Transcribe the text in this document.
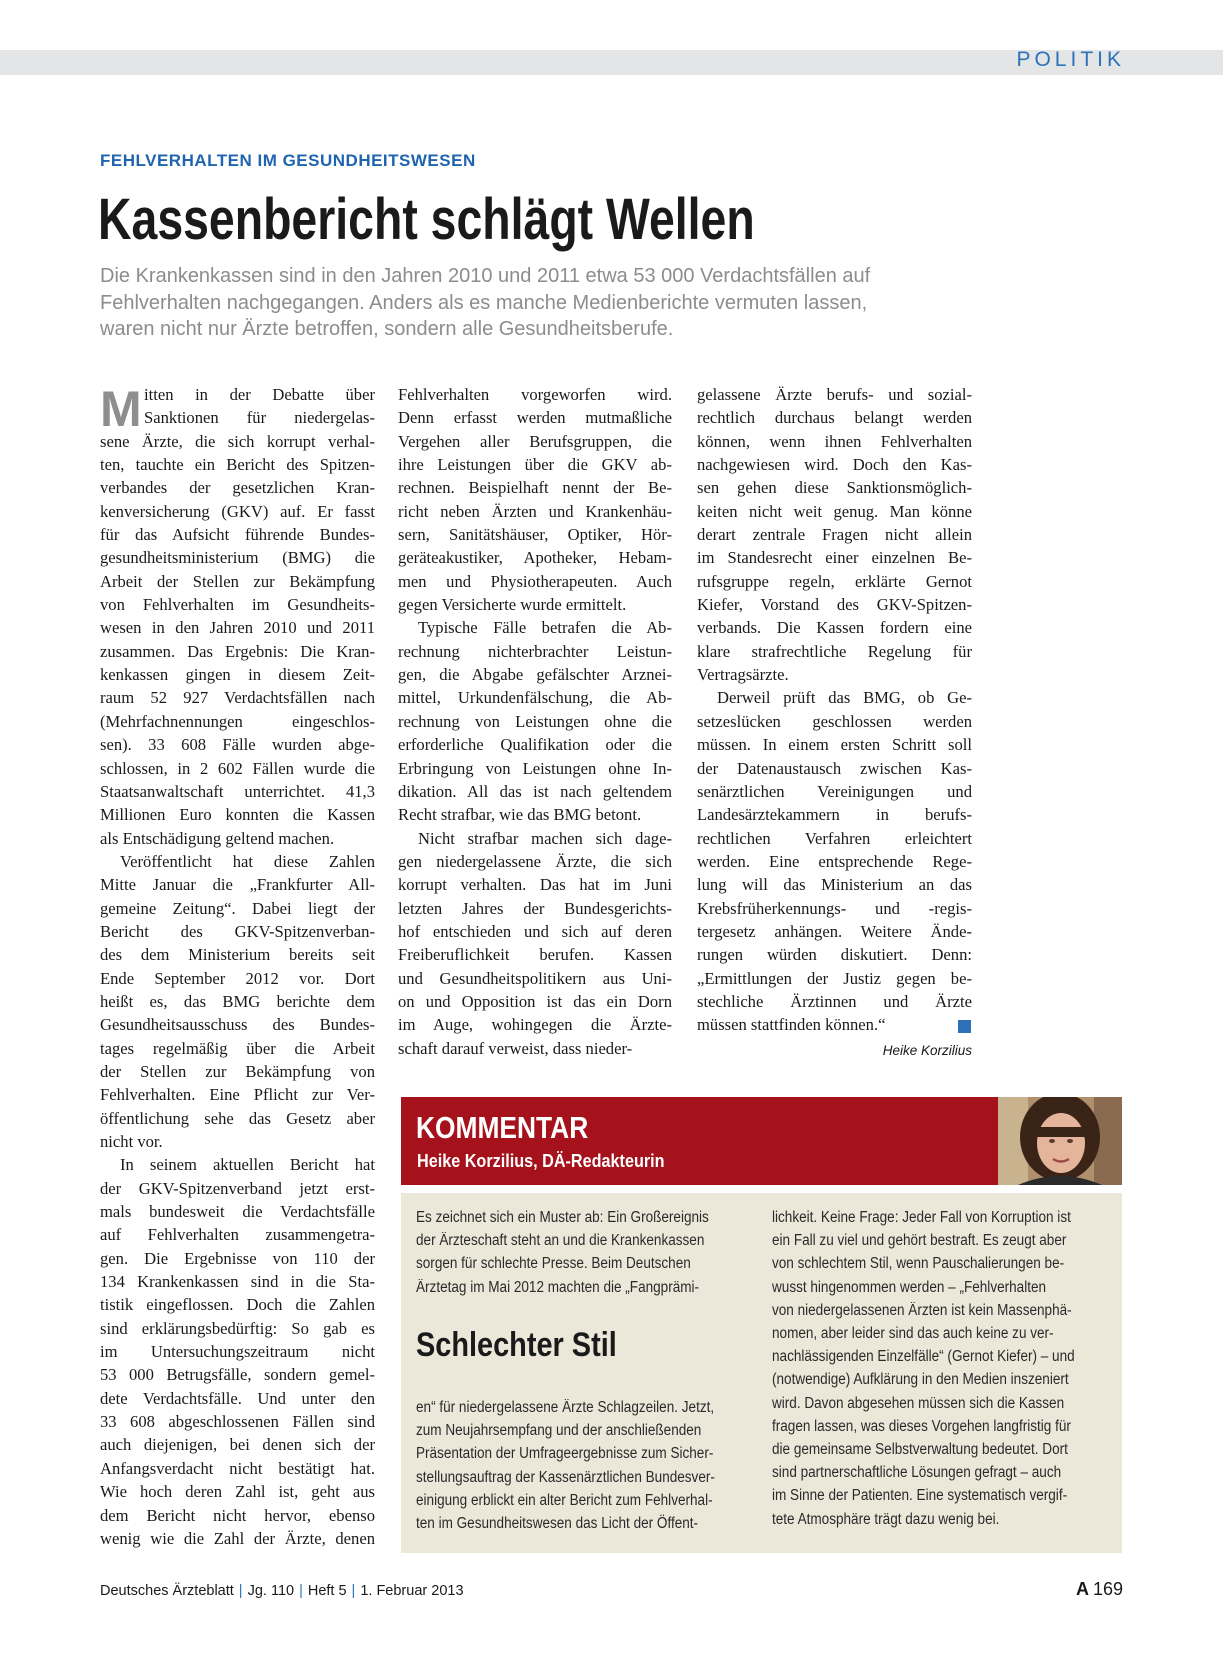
POLITIK
FEHLVERHALTEN IM GESUNDHEITSWESEN
Kassenbericht schlägt Wellen
Die Krankenkassen sind in den Jahren 2010 und 2011 etwa 53 000 Verdachtsfällen auf
Fehlverhalten nachgegangen. Anders als es manche Medienberichte vermuten lassen,
waren nicht nur Ärzte betroffen, sondern alle Gesundheitsberufe.
M itten in der Debatte über
Sanktionen für niedergelas-
sene Ärzte, die sich korrupt verhal-
ten, tauchte ein Bericht des Spitzen-
verbandes der gesetzlichen Kran-
kenversicherung (GKV) auf. Er fasst
für das Aufsicht führende Bundes-
gesundheitsministerium (BMG) die
Arbeit der Stellen zur Bekämpfung
von Fehlverhalten im Gesundheits-
wesen in den Jahren 2010 und 2011
zusammen. Das Ergebnis: Die Kran-
kenkassen gingen in diesem Zeit-
raum 52 927 Verdachtsfällen nach
(Mehrfachnennungen eingeschlos-
sen). 33 608 Fälle wurden abge-
schlossen, in 2 602 Fällen wurde die
Staatsanwaltschaft unterrichtet. 41,3
Millionen Euro konnten die Kassen
als Entschädigung geltend machen.
Veröffentlicht hat diese Zahlen
Mitte Januar die „Frankfurter All-
gemeine Zeitung“. Dabei liegt der
Bericht des GKV-Spitzenverban-
des dem Ministerium bereits seit
Ende September 2012 vor. Dort
heißt es, das BMG berichte dem
Gesundheitsausschuss des Bundes-
tages regelmäßig über die Arbeit
der Stellen zur Bekämpfung von
Fehlverhalten. Eine Pflicht zur Ver-
öffentlichung sehe das Gesetz aber
nicht vor.
In seinem aktuellen Bericht hat
der GKV-Spitzenverband jetzt erst-
mals bundesweit die Verdachtsfälle
auf Fehlverhalten zusammengetra-
gen. Die Ergebnisse von 110 der
134 Krankenkassen sind in die Sta-
tistik eingeflossen. Doch die Zahlen
sind erklärungsbedürftig: So gab es
im Untersuchungszeitraum nicht
53 000 Betrugsfälle, sondern gemel-
dete Verdachtsfälle. Und unter den
33 608 abgeschlossenen Fällen sind
auch diejenigen, bei denen sich der
Anfangsverdacht nicht bestätigt hat.
Wie hoch deren Zahl ist, geht aus
dem Bericht nicht hervor, ebenso
wenig wie die Zahl der Ärzte, denen
Fehlverhalten vorgeworfen wird.
Denn erfasst werden mutmaßliche
Vergehen aller Berufsgruppen, die
ihre Leistungen über die GKV ab-
rechnen. Beispielhaft nennt der Be-
richt neben Ärzten und Krankenhäu-
sern, Sanitätshäuser, Optiker, Hör-
geräteakustiker, Apotheker, Hebam-
men und Physiotherapeuten. Auch
gegen Versicherte wurde ermittelt.
Typische Fälle betrafen die Ab-
rechnung nichterbrachter Leistun-
gen, die Abgabe gefälschter Arznei-
mittel, Urkundenfälschung, die Ab-
rechnung von Leistungen ohne die
erforderliche Qualifikation oder die
Erbringung von Leistungen ohne In-
dikation. All das ist nach geltendem
Recht strafbar, wie das BMG betont.
Nicht strafbar machen sich dage-
gen niedergelassene Ärzte, die sich
korrupt verhalten. Das hat im Juni
letzten Jahres der Bundesgerichts-
hof entschieden und sich auf deren
Freiberuflichkeit berufen. Kassen
und Gesundheitspolitikern aus Uni-
on und Opposition ist das ein Dorn
im Auge, wohingegen die Ärzte-
schaft darauf verweist, dass nieder-
gelassene Ärzte berufs- und sozial-
rechtlich durchaus belangt werden
können, wenn ihnen Fehlverhalten
nachgewiesen wird. Doch den Kas-
sen gehen diese Sanktionsmöglich-
keiten nicht weit genug. Man könne
derart zentrale Fragen nicht allein
im Standesrecht einer einzelnen Be-
rufsgruppe regeln, erklärte Gernot
Kiefer, Vorstand des GKV-Spitzen-
verbands. Die Kassen fordern eine
klare strafrechtliche Regelung für
Vertragsärzte.
Derweil prüft das BMG, ob Ge-
setzeslücken geschlossen werden
müssen. In einem ersten Schritt soll
der Datenaustausch zwischen Kas-
senärztlichen Vereinigungen und
Landesärztekammern in berufs-
rechtlichen Verfahren erleichtert
werden. Eine entsprechende Rege-
lung will das Ministerium an das
Krebsfrüherkennungs- und -regis-
tergesetz anhängen. Weitere Ände-
rungen würden diskutiert. Denn:
„Ermittlungen der Justiz gegen be-
stechliche Ärztinnen und Ärzte
müssen stattfinden können.“
Heike Korzilius
KOMMENTAR
Heike Korzilius, DÄ-Redakteurin
Es zeichnet sich ein Muster ab: Ein Großereignis
der Ärzteschaft steht an und die Krankenkassen
sorgen für schlechte Presse. Beim Deutschen
Ärztetag im Mai 2012 machten die „Fangprämi-
Schlechter Stil
en“ für niedergelassene Ärzte Schlagzeilen. Jetzt,
zum Neujahrsempfang und der anschließenden
Präsentation der Umfrageergebnisse zum Sicher-
stellungsauftrag der Kassenärztlichen Bundesver-
einigung erblickt ein alter Bericht zum Fehlverhal-
ten im Gesundheitswesen das Licht der Öffent-
lichkeit. Keine Frage: Jeder Fall von Korruption ist
ein Fall zu viel und gehört bestraft. Es zeugt aber
von schlechtem Stil, wenn Pauschalierungen be-
wusst hingenommen werden – „Fehlverhalten
von niedergelassenen Ärzten ist kein Massenphä-
nomen, aber leider sind das auch keine zu ver-
nachlässigenden Einzelfälle“ (Gernot Kiefer) – und
(notwendige) Aufklärung in den Medien inszeniert
wird. Davon abgesehen müssen sich die Kassen
fragen lassen, was dieses Vorgehen langfristig für
die gemeinsame Selbstverwaltung bedeutet. Dort
sind partnerschaftliche Lösungen gefragt – auch
im Sinne der Patienten. Eine systematisch vergif-
tete Atmosphäre trägt dazu wenig bei.
Deutsches Ärzteblatt | Jg. 110 | Heft 5 | 1. Februar 2013	A 169
